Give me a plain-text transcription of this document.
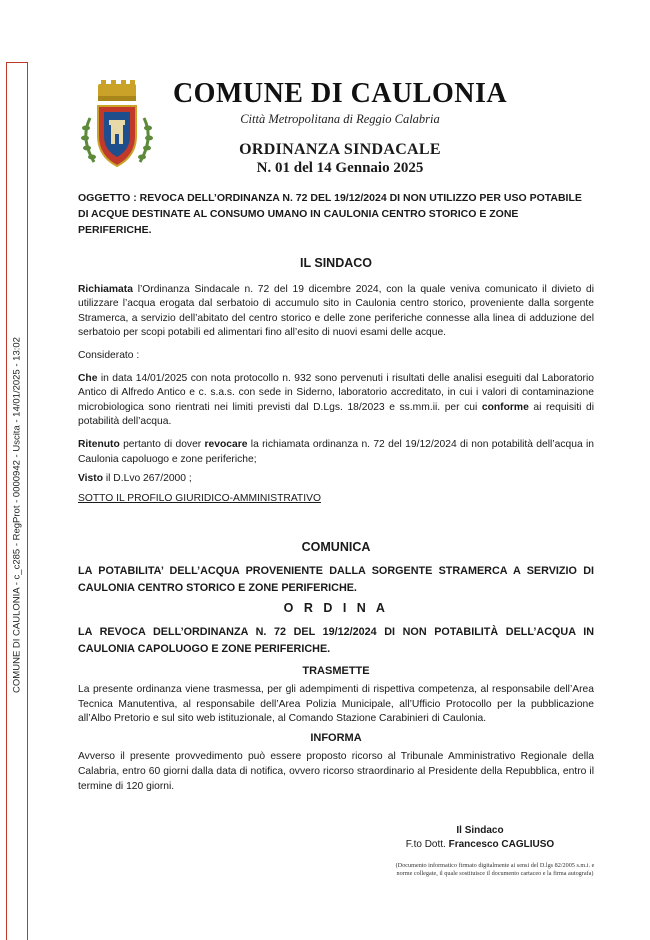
COMUNE DI CAULONIA - c_c285 - RegProt - 0000942 - Uscita - 14/01/2025 - 13:02
COMUNE DI CAULONIA
Città Metropolitana di Reggio Calabria
ORDINANZA SINDACALE
N. 01 del 14 Gennaio 2025
OGGETTO : REVOCA DELL’ORDINANZA N. 72 DEL 19/12/2024 DI NON UTILIZZO PER USO POTABILE DI ACQUE DESTINATE AL CONSUMO UMANO IN CAULONIA CENTRO STORICO E ZONE PERIFERICHE.
IL SINDACO

Richiamata l’Ordinanza Sindacale n. 72 del 19 dicembre 2024, con la quale veniva comunicato il divieto di utilizzare l’acqua erogata dal serbatoio di accumulo sito in Caulonia centro storico, proveniente dalla sorgente Stramerca, a servizio dell’abitato del centro storico e delle zone periferiche connesse alla linea di adduzione del serbatoio per scopi potabili ed alimentari fino all’esito di nuovi esami delle acque.

Considerato :

Che in data 14/01/2025 con nota protocollo n. 932 sono pervenuti i risultati delle analisi eseguiti dal Laboratorio Antico di Alfredo Antico e c. s.a.s. con sede in Siderno, laboratorio accreditato, in cui i valori di contaminazione microbiologica sono rientrati nei limiti previsti dal D.Lgs. 18/2023 e ss.mm.ii. per cui conforme ai requisiti di potabilità dell’acqua.

Ritenuto pertanto di dover revocare la richiamata ordinanza n. 72 del 19/12/2024 di non potabilità dell’acqua in Caulonia capoluogo e zone periferiche;

Visto il D.Lvo 267/2000 ;

SOTTO IL PROFILO GIURIDICO-AMMINISTRATIVO

COMUNICA

LA POTABILITA’ DELL’ACQUA PROVENIENTE DALLA SORGENTE STRAMERCA A SERVIZIO DI CAULONIA CENTRO STORICO E ZONE PERIFERICHE.

O R D I N A

LA REVOCA DELL’ORDINANZA N. 72 DEL 19/12/2024 DI NON POTABILITÀ DELL’ACQUA IN CAULONIA CAPOLUOGO E ZONE PERIFERICHE.

TRASMETTE

La presente ordinanza viene trasmessa, per gli adempimenti di rispettiva competenza, al responsabile dell’Area Tecnica Manutentiva, al responsabile dell’Area Polizia Municipale, all’Ufficio Protocollo per la pubblicazione all’Albo Pretorio e sul sito web istituzionale, al Comando Stazione Carabinieri di Caulonia.

INFORMA

Avverso il presente provvedimento può essere proposto ricorso al Tribunale Amministrativo Regionale della Calabria, entro 60 giorni dalla data di notifica, ovvero ricorso straordinario al Presidente della Repubblica, entro il termine di 120 giorni.

Il Sindaco
F.to Dott. Francesco CAGLIUSO
(Documento informatico firmato digitalmente ai sensi del D.lgs 82/2005 s.m.i. e norme collegate, il quale sostituisce il documento cartaceo e la firma autografa)
